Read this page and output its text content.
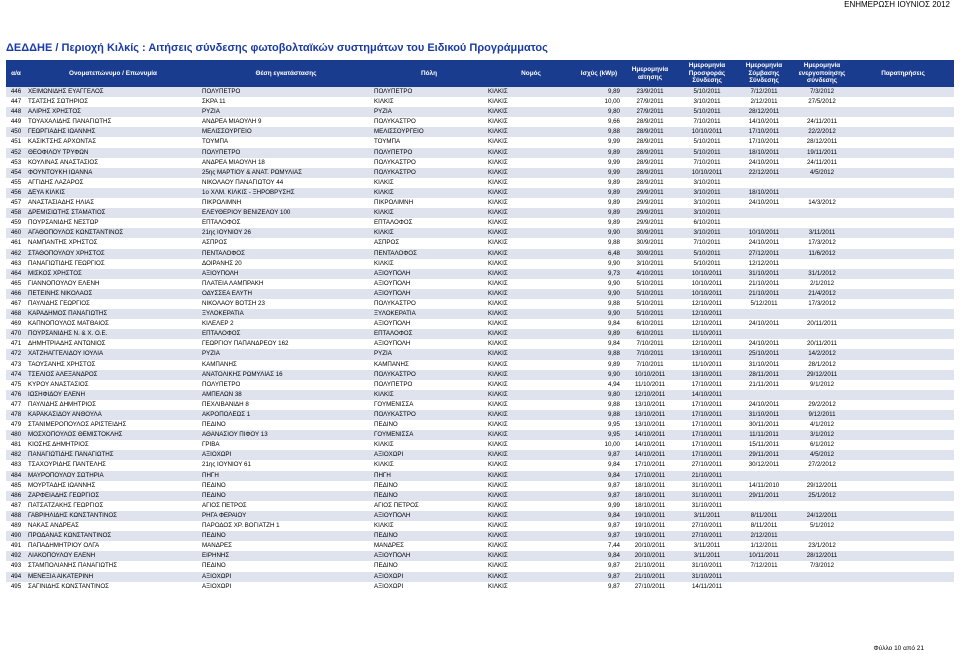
ΕΝΗΜΕΡΩΣΗ ΙΟΥΝΙΟΣ 2012
ΔΕΔΔΗΕ / Περιοχή Κιλκίς : Αιτήσεις σύνδεσης φωτοβολταϊκών συστημάτων του Ειδικού Προγράμματος
α/α	Ονοματεπώνυμο / Επωνυμία	Θέση εγκατάστασης	Πόλη	Νομός	Ισχύς (kWp)	Ημερομηνία αίτησης	Ημερομηνία Προσφοράς Σύνδεσης	Ημερομηνία Σύμβασης Σύνδεσης	Ημερομηνία ενεργοποίησης σύνδεσης	Παρατηρήσεις
446	ΧΕΙΜΩΝΙΔΗΣ ΕΥΑΓΓΕΛΟΣ	ΠΟΛΥΠΕΤΡΟ	ΠΟΛΥΠΕΤΡΟ	ΚΙΛΚΙΣ	9,89	23/9/2011	5/10/2011	7/12/2011	7/3/2012	
447	ΤΣΑΤΣΗΣ ΣΩΤΗΡΙΟΣ	ΣΚΡΑ 11	ΚΙΛΚΙΣ	ΚΙΛΚΙΣ	10,00	27/9/2011	3/10/2011	2/12/2011	27/5/2012	
448	ΑΛΙΡΗΣ ΧΡΗΣΤΟΣ	ΡΥΖΙΑ	ΡΥΖΙΑ	ΚΙΛΚΙΣ	9,80	27/9/2011	5/10/2011	28/12/2011		
449	ΤΟΥΑΧΑΛΙΔΗΣ ΠΑΝΑΓΙΩΤΗΣ	ΑΝΔΡΕΑ ΜΙΑΟΥΛΗ 9	ΠΟΛΥΚΑΣΤΡΟ	ΚΙΛΚΙΣ	9,66	28/9/2011	7/10/2011	14/10/2011	24/11/2011	
450	ΓΕΩΡΓΙΑΔΗΣ ΙΩΑΝΝΗΣ	ΜΕΛΙΣΣΟΥΡΓΕΙΟ	ΜΕΛΙΣΣΟΥΡΓΕΙΟ	ΚΙΛΚΙΣ	9,88	28/9/2011	10/10/2011	17/10/2011	22/2/2012	
451	ΚΑΣΙΚΤΣΗΣ ΑΡΧΟΝΤΑΣ	ΤΟΥΜΠΑ	ΤΟΥΜΠΑ	ΚΙΛΚΙΣ	9,99	28/9/2011	5/10/2011	17/10/2011	28/12/2011	
452	ΘΕΟΦΙΛΟΥ ΤΡΥΦΩΝ	ΠΟΛΥΠΕΤΡΟ	ΠΟΛΥΠΕΤΡΟ	ΚΙΛΚΙΣ	9,89	28/9/2011	5/10/2011	18/10/2011	19/11/2011	
453	ΚΟΥΛΙΝΑΣ ΑΝΑΣΤΑΣΙΟΣ	ΑΝΔΡΕΑ ΜΙΑΟΥΛΗ 18	ΠΟΛΥΚΑΣΤΡΟ	ΚΙΛΚΙΣ	9,99	28/9/2011	7/10/2011	24/10/2011	24/11/2011	
454	ΦΟΥΝΤΟΥΚΗ ΙΩΑΝΝΑ	25ης ΜΑΡΤΙΟΥ & ΑΝΑΤ. ΡΩΜΥΛΙΑΣ	ΠΟΛΥΚΑΣΤΡΟ	ΚΙΛΚΙΣ	9,99	28/9/2011	10/10/2011	22/12/2011	4/5/2012	
455	ΑΓΓΙΔΗΣ ΛΑΖΑΡΟΣ	ΝΙΚΟΛΑΟΥ ΠΑΝΑΓΙΩΤΟΥ 44	ΚΙΛΚΙΣ	ΚΙΛΚΙΣ	9,89	28/9/2011	3/10/2011			
456	ΔΕΥΑ ΚΙΛΚΙΣ	1ο ΧΛΜ. ΚΙΛΚΙΣ - ΞΗΡΟΒΡΥΣΗΣ	ΚΙΛΚΙΣ	ΚΙΛΚΙΣ	9,89	29/9/2011	3/10/2011	18/10/2011		
457	ΑΝΑΣΤΑΣΙΑΔΗΣ ΗΛΙΑΣ	ΠΙΚΡΟΛΙΜΝΗ	ΠΙΚΡΟΛΙΜΝΗ	ΚΙΛΚΙΣ	9,89	29/9/2011	3/10/2011	24/10/2011	14/3/2012	
458	ΔΡΕΜΙΣΙΩΤΗΣ ΣΤΑΜΑΤΙΟΣ	ΕΛΕΥΘΕΡΙΟΥ ΒΕΝΙΖΕΛΟΥ 100	ΚΙΛΚΙΣ	ΚΙΛΚΙΣ	9,89	29/9/2011	3/10/2011			
459	ΠΟΥΡΣΑΝΙΔΗΣ ΝΕΣΤΩΡ	ΕΠΤΑΛΟΦΟΣ	ΕΠΤΑΛΟΦΟΣ	ΚΙΛΚΙΣ	9,89	29/9/2011	6/10/2011			
460	ΑΓΑΘΟΠΟΥΛΟΣ ΚΩΝΣΤΑΝΤΙΝΟΣ	21ης ΙΟΥΝΙΟΥ 26	ΚΙΛΚΙΣ	ΚΙΛΚΙΣ	9,90	30/9/2011	3/10/2011	10/10/2011	3/11/2011	
461	ΝΑΜΠΑΝΤΗΣ ΧΡΗΣΤΟΣ	ΑΣΠΡΟΣ	ΑΣΠΡΟΣ	ΚΙΛΚΙΣ	9,88	30/9/2011	7/10/2011	24/10/2011	17/3/2012	
462	ΣΤΑΘΟΠΟΥΛΟΥ ΧΡΗΣΤΟΣ	ΠΕΝΤΑΛΟΦΟΣ	ΠΕΝΤΑΛΟΦΟΣ	ΚΙΛΚΙΣ	6,48	30/9/2011	5/10/2011	27/12/2011	11/6/2012	
463	ΠΑΝΑΓΙΩΤΙΔΗΣ ΓΕΩΡΓΙΟΣ	ΔΟΙΡΑΝΗΣ 20	ΚΙΛΚΙΣ	ΚΙΛΚΙΣ	9,90	3/10/2011	5/10/2011	12/12/2011		
464	ΜΙΣΚΟΣ ΧΡΗΣΤΟΣ	ΑΞΙΟΥΠΟΛΗ	ΑΞΙΟΥΠΟΛΗ	ΚΙΛΚΙΣ	9,73	4/10/2011	10/10/2011	31/10/2011	31/1/2012	
465	ΓΙΑΝΝΟΠΟΥΛΟΥ ΕΛΕΝΗ	ΠΛΑΤΕΙΑ ΛΑΜΠΡΑΚΗ	ΑΞΙΟΥΠΟΛΗ	ΚΙΛΚΙΣ	9,90	5/10/2011	10/10/2011	21/10/2011	2/1/2012	
466	ΠΕΤΕΙΝΗΣ ΝΙΚΟΛΑΟΣ	ΟΔΥΣΣΕΑ ΕΛΥΤΗ	ΑΞΙΟΥΠΟΛΗ	ΚΙΛΚΙΣ	9,90	5/10/2011	10/10/2011	21/10/2011	21/4/2012	
467	ΠΑΥΛΙΔΗΣ ΓΕΩΡΓΙΟΣ	ΝΙΚΟΛΑΟΥ ΒΟΤΣΗ 23	ΠΟΛΥΚΑΣΤΡΟ	ΚΙΛΚΙΣ	9,88	5/10/2011	12/10/2011	5/12/2011	17/3/2012	
468	ΚΑΡΑΔΗΜΟΣ ΠΑΝΑΓΙΩΤΗΣ	ΞΥΛΟΚΕΡΑΤΙΑ	ΞΥΛΟΚΕΡΑΤΙΑ	ΚΙΛΚΙΣ	9,90	5/10/2011	12/10/2011			
469	ΚΑΠΝΟΠΟΥΛΟΣ ΜΑΤΘΑΙΟΣ	ΚΙΛΕΛΕΡ 2	ΑΞΙΟΥΠΟΛΗ	ΚΙΛΚΙΣ	9,84	6/10/2011	12/10/2011	24/10/2011	20/11/2011	
470	ΠΟΥΡΣΑΝΙΔΗΣ Ν. & Χ. Ο.Ε.	ΕΠΤΑΛΟΦΟΣ	ΕΠΤΑΛΟΦΟΣ	ΚΙΛΚΙΣ	9,89	6/10/2011	11/10/2011			
471	ΔΗΜΗΤΡΙΑΔΗΣ ΑΝΤΩΝΙΟΣ	ΓΕΩΡΓΙΟΥ ΠΑΠΑΝΔΡΕΟΥ 162	ΑΞΙΟΥΠΟΛΗ	ΚΙΛΚΙΣ	9,84	7/10/2011	12/10/2011	24/10/2011	20/11/2011	
472	ΧΑΤΖΗΑΓΓΕΛΙΔΟΥ ΙΟΥΛΙΑ	ΡΥΖΙΑ	ΡΥΖΙΑ	ΚΙΛΚΙΣ	9,88	7/10/2011	13/10/2011	25/10/2011	14/2/2012	
473	ΤΑΟΥΣΑΝΗΣ ΧΡΗΣΤΟΣ	ΚΑΜΠΑΝΗΣ	ΚΑΜΠΑΝΗΣ	ΚΙΛΚΙΣ	9,89	7/10/2011	11/10/2011	31/10/2011	28/1/2012	
474	ΤΣΕΛΙΟΣ ΑΛΕΞΑΝΔΡΟΣ	ΑΝΑΤΟΛΙΚΗΣ ΡΩΜΥΛΙΑΣ 16	ΠΟΛΥΚΑΣΤΡΟ	ΚΙΛΚΙΣ	9,90	10/10/2011	13/10/2011	28/11/2011	29/12/2011	
475	ΚΥΡΟΥ ΑΝΑΣΤΑΣΙΟΣ	ΠΟΛΥΠΕΤΡΟ	ΠΟΛΥΠΕΤΡΟ	ΚΙΛΚΙΣ	4,94	11/10/2011	17/10/2011	21/11/2011	9/1/2012	
476	ΙΩΣΗΦΙΔΟΥ ΕΛΕΝΗ	ΑΜΠΕΛΩΝ 38	ΚΙΛΚΙΣ	ΚΙΛΚΙΣ	9,80	12/10/2011	14/10/2011			
477	ΠΑΥΛΙΔΗΣ ΔΗΜΗΤΡΙΟΣ	ΠΕΧΛΙΒΑΝΙΔΗ 8	ΓΟΥΜΕΝΙΣΣΑ	ΚΙΛΚΙΣ	9,88	13/10/2011	17/10/2011	24/10/2011	29/2/2012	
478	ΚΑΡΑΚΑΣΙΔΟΥ ΑΝΘΟΥΛΑ	ΑΚΡΟΠΟΛΕΩΣ 1	ΠΟΛΥΚΑΣΤΡΟ	ΚΙΛΚΙΣ	9,88	13/10/2011	17/10/2011	31/10/2011	9/12/2011	
479	ΣΤΑΝΙΜΕΡΟΠΟΥΛΟΣ ΑΡΙΣΤΕΙΔΗΣ	ΠΕΔΙΝΟ	ΠΕΔΙΝΟ	ΚΙΛΚΙΣ	9,95	13/10/2011	17/10/2011	30/11/2011	4/1/2012	
480	ΜΟΣΧΟΠΟΥΛΟΣ ΘΕΜΙΣΤΟΚΛΗΣ	ΑΘΑΝΑΣΙΟΥ ΠΙΦΟΥ 13	ΓΟΥΜΕΝΙΣΣΑ	ΚΙΛΚΙΣ	9,95	14/10/2011	17/10/2011	11/11/2011	3/1/2012	
481	ΚΙΟΣΗΣ ΔΗΜΗΤΡΙΟΣ	ΓΡΙΒΑ	ΚΙΛΚΙΣ	ΚΙΛΚΙΣ	10,00	14/10/2011	17/10/2011	15/11/2011	6/1/2012	
482	ΠΑΝΑΓΙΩΤΙΔΗΣ ΠΑΝΑΓΙΩΤΗΣ	ΑΞΙΟΧΩΡΙ	ΑΞΙΟΧΩΡΙ	ΚΙΛΚΙΣ	9,87	14/10/2011	17/10/2011	29/11/2011	4/5/2012	
483	ΤΣΑΧΟΥΡΙΔΗΣ ΠΑΝΤΕΛΗΣ	21ης ΙΟΥΝΙΟΥ 61	ΚΙΛΚΙΣ	ΚΙΛΚΙΣ	9,84	17/10/2011	27/10/2011	30/12/2011	27/2/2012	
484	ΜΑΥΡΟΠΟΥΛΟΥ ΣΩΤΗΡΙΑ	ΠΗΓΗ	ΠΗΓΗ	ΚΙΛΚΙΣ	9,84	17/10/2011	21/10/2011			
485	ΜΟΥΡΤΑΔΗΣ ΙΩΑΝΝΗΣ	ΠΕΔΙΝΟ	ΠΕΔΙΝΟ	ΚΙΛΚΙΣ	9,87	18/10/2011	31/10/2011	14/11/2010	29/12/2011	
486	ΖΑΡΦΕΙΑΔΗΣ ΓΕΩΡΓΙΟΣ	ΠΕΔΙΝΟ	ΠΕΔΙΝΟ	ΚΙΛΚΙΣ	9,87	18/10/2011	31/10/2011	29/11/2011	25/1/2012	
487	ΠΑΤΣΑΤΖΑΚΗΣ ΓΕΩΡΓΙΟΣ	ΑΓΙΟΣ ΠΕΤΡΟΣ	ΑΓΙΟΣ ΠΕΤΡΟΣ	ΚΙΛΚΙΣ	9,99	18/10/2011	31/10/2011			
488	ΓΑΒΡΙΗΛΙΔΗΣ ΚΩΝΣΤΑΝΤΙΝΟΣ	ΡΗΓΑ ΦΕΡΑΙΟΥ	ΑΞΙΟΥΠΟΛΗ	ΚΙΛΚΙΣ	9,84	19/10/2011	3/11/2011	8/11/2011	24/12/2011	
489	ΝΑΚΑΣ ΑΝΔΡΕΑΣ	ΠΑΡΟΔΟΣ ΧΡ. ΒΟΓΙΑΤΖΗ 1	ΚΙΛΚΙΣ	ΚΙΛΚΙΣ	9,87	19/10/2011	27/10/2011	8/11/2011	5/1/2012	
490	ΠΡΟΔΑΝΑΣ ΚΩΝΣΤΑΝΤΙΝΟΣ	ΠΕΔΙΝΟ	ΠΕΔΙΝΟ	ΚΙΛΚΙΣ	9,87	19/10/2011	27/10/2011	2/12/2011		
491	ΠΑΠΑΔΗΜΗΤΡΙΟΥ ΟΛΓΑ	ΜΑΝΔΡΕΣ	ΜΑΝΔΡΕΣ	ΚΙΛΚΙΣ	7,44	20/10/2011	3/11/2011	1/12/2011	23/1/2012	
492	ΛΙΑΚΟΠΟΥΛΟΥ ΕΛΕΝΗ	ΕΙΡΗΝΗΣ	ΑΞΙΟΥΠΟΛΗ	ΚΙΛΚΙΣ	9,84	20/10/2011	3/11/2011	10/11/2011	28/12/2011	
493	ΣΤΑΜΠΟΛΙΑΝΗΣ ΠΑΝΑΓΙΩΤΗΣ	ΠΕΔΙΝΟ	ΠΕΔΙΝΟ	ΚΙΛΚΙΣ	9,87	21/10/2011	31/10/2011	7/12/2011	7/3/2012	
494	ΜΕΝΕΞΙΑ ΑΙΚΑΤΕΡΙΝΗ	ΑΞΙΟΧΩΡΙ	ΑΞΙΟΧΩΡΙ	ΚΙΛΚΙΣ	9,87	21/10/2011	31/10/2011			
495	ΣΑΓΙΝΙΔΗΣ ΚΩΝΣΤΑΝΤΙΝΟΣ	ΑΞΙΟΧΩΡΙ	ΑΞΙΟΧΩΡΙ	ΚΙΛΚΙΣ	9,87	27/10/2011	14/11/2011			
Φύλλο 10 από 21
